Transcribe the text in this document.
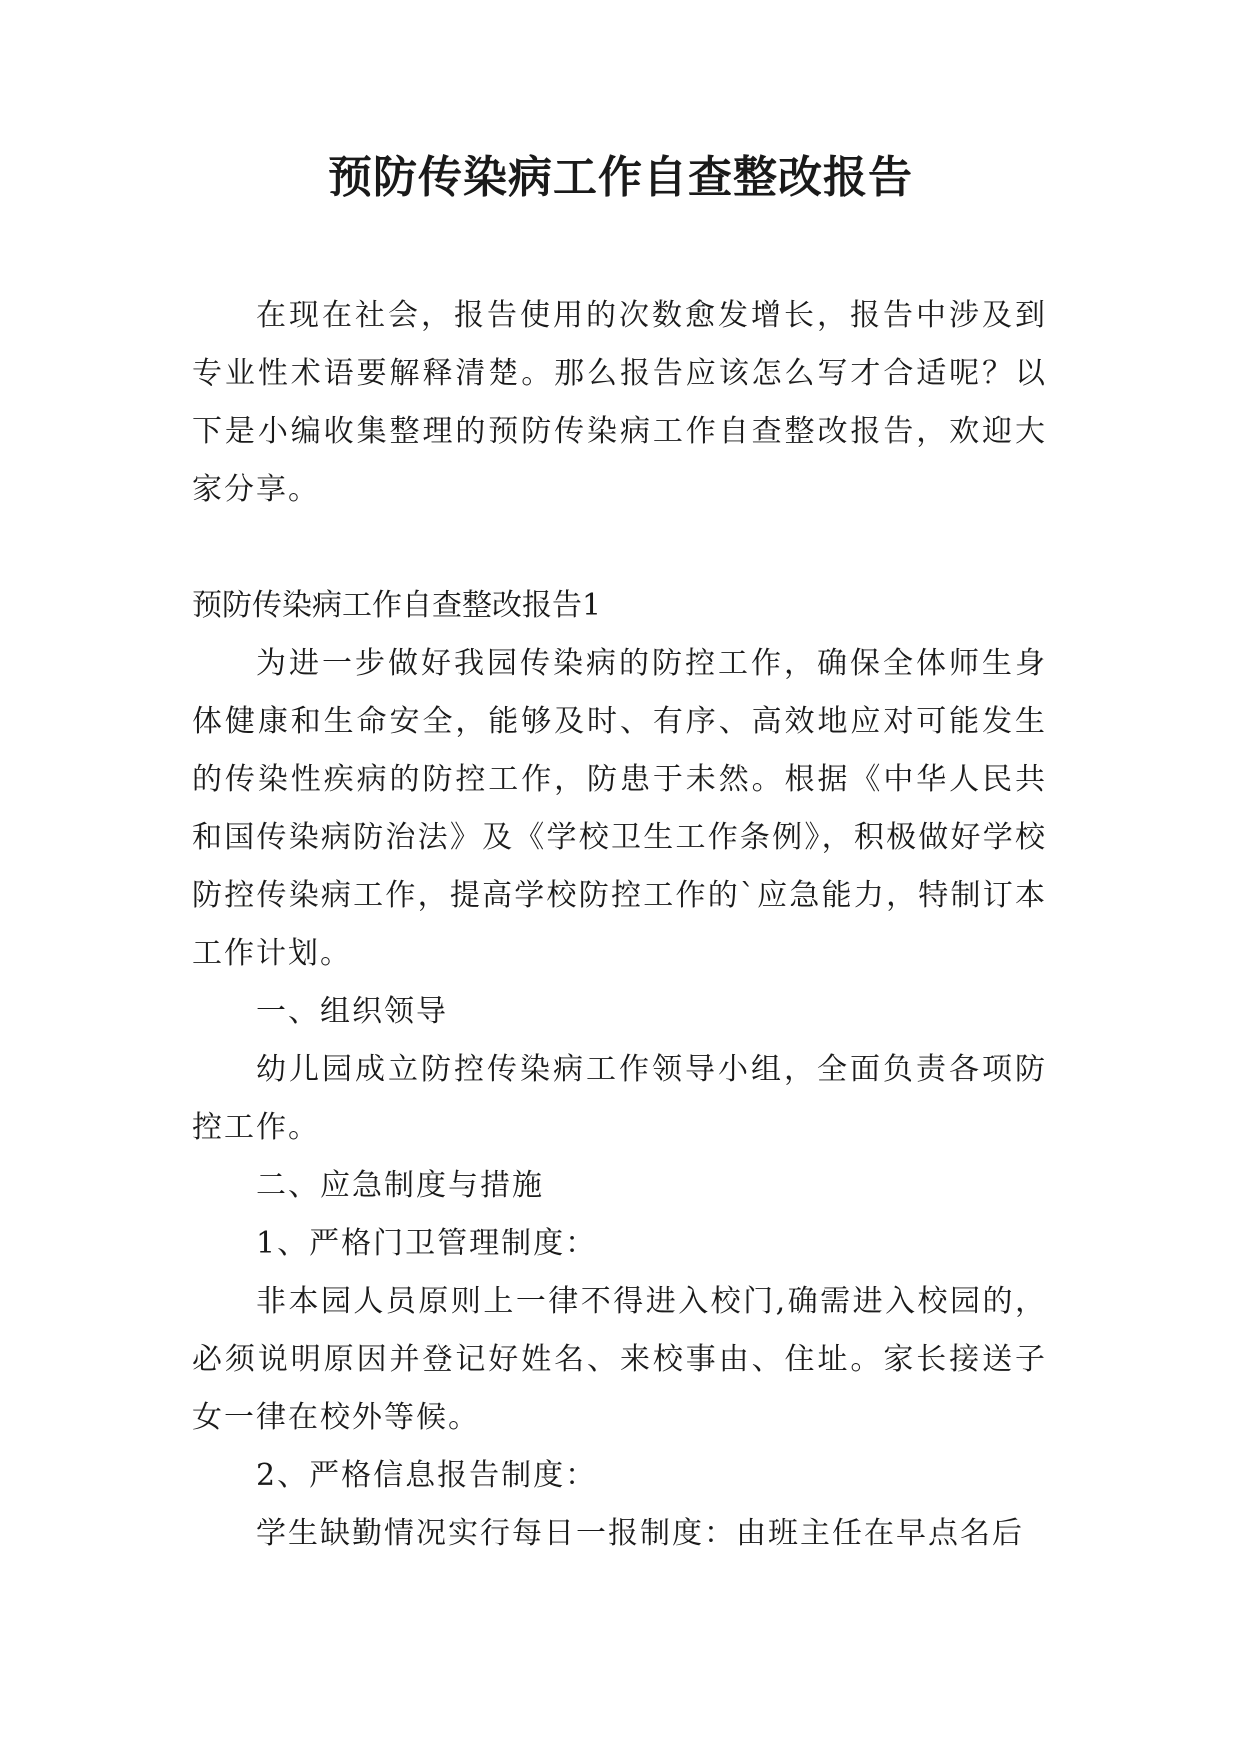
预防传染病工作自查整改报告

在现在社会，报告使用的次数愈发增长，报告中涉及到专业性术语要解释清楚。那么报告应该怎么写才合适呢？以下是小编收集整理的预防传染病工作自查整改报告，欢迎大家分享。

预防传染病工作自查整改报告1

为进一步做好我园传染病的防控工作，确保全体师生身体健康和生命安全，能够及时、有序、高效地应对可能发生的传染性疾病的防控工作，防患于未然。根据《中华人民共和国传染病防治法》及《学校卫生工作条例》，积极做好学校防控传染病工作，提高学校防控工作的`应急能力，特制订本工作计划。

一、组织领导

幼儿园成立防控传染病工作领导小组，全面负责各项防控工作。

二、应急制度与措施

1、严格门卫管理制度：

非本园人员原则上一律不得进入校门,确需进入校园的，必须说明原因并登记好姓名、来校事由、住址。家长接送子女一律在校外等候。

2、严格信息报告制度：

学生缺勤情况实行每日一报制度：由班主任在早点名后
